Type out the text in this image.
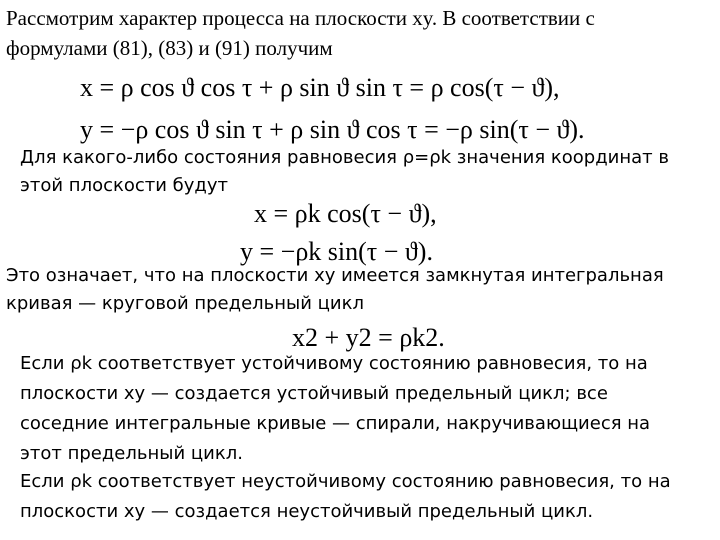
Рассмотрим характер процесса на плоскости xy. В соответствии с
формулами (81), (83) и (91) получим
x = ρ cos ϑ cos τ + ρ sin ϑ sin τ = ρ cos(τ − ϑ),
y = −ρ cos ϑ sin τ + ρ sin ϑ cos τ = −ρ sin(τ − ϑ).
Для какого-либо состояния равновесия ρ=ρk значения координат в
этой плоскости будут
x = ρk cos(τ − ϑ),
y = −ρk sin(τ − ϑ).
Это означает, что на плоскости xy имеется замкнутая интегральная
кривая — круговой предельный цикл
x2 + y2 = ρk2.
Если ρk соответствует устойчивому состоянию равновесия, то на
плоскости xy — создается устойчивый предельный цикл; все
соседние интегральные кривые — спирали, накручивающиеся на
этот предельный цикл.
Если ρk соответствует неустойчивому состоянию равновесия, то на
плоскости xy — создается неустойчивый предельный цикл.
